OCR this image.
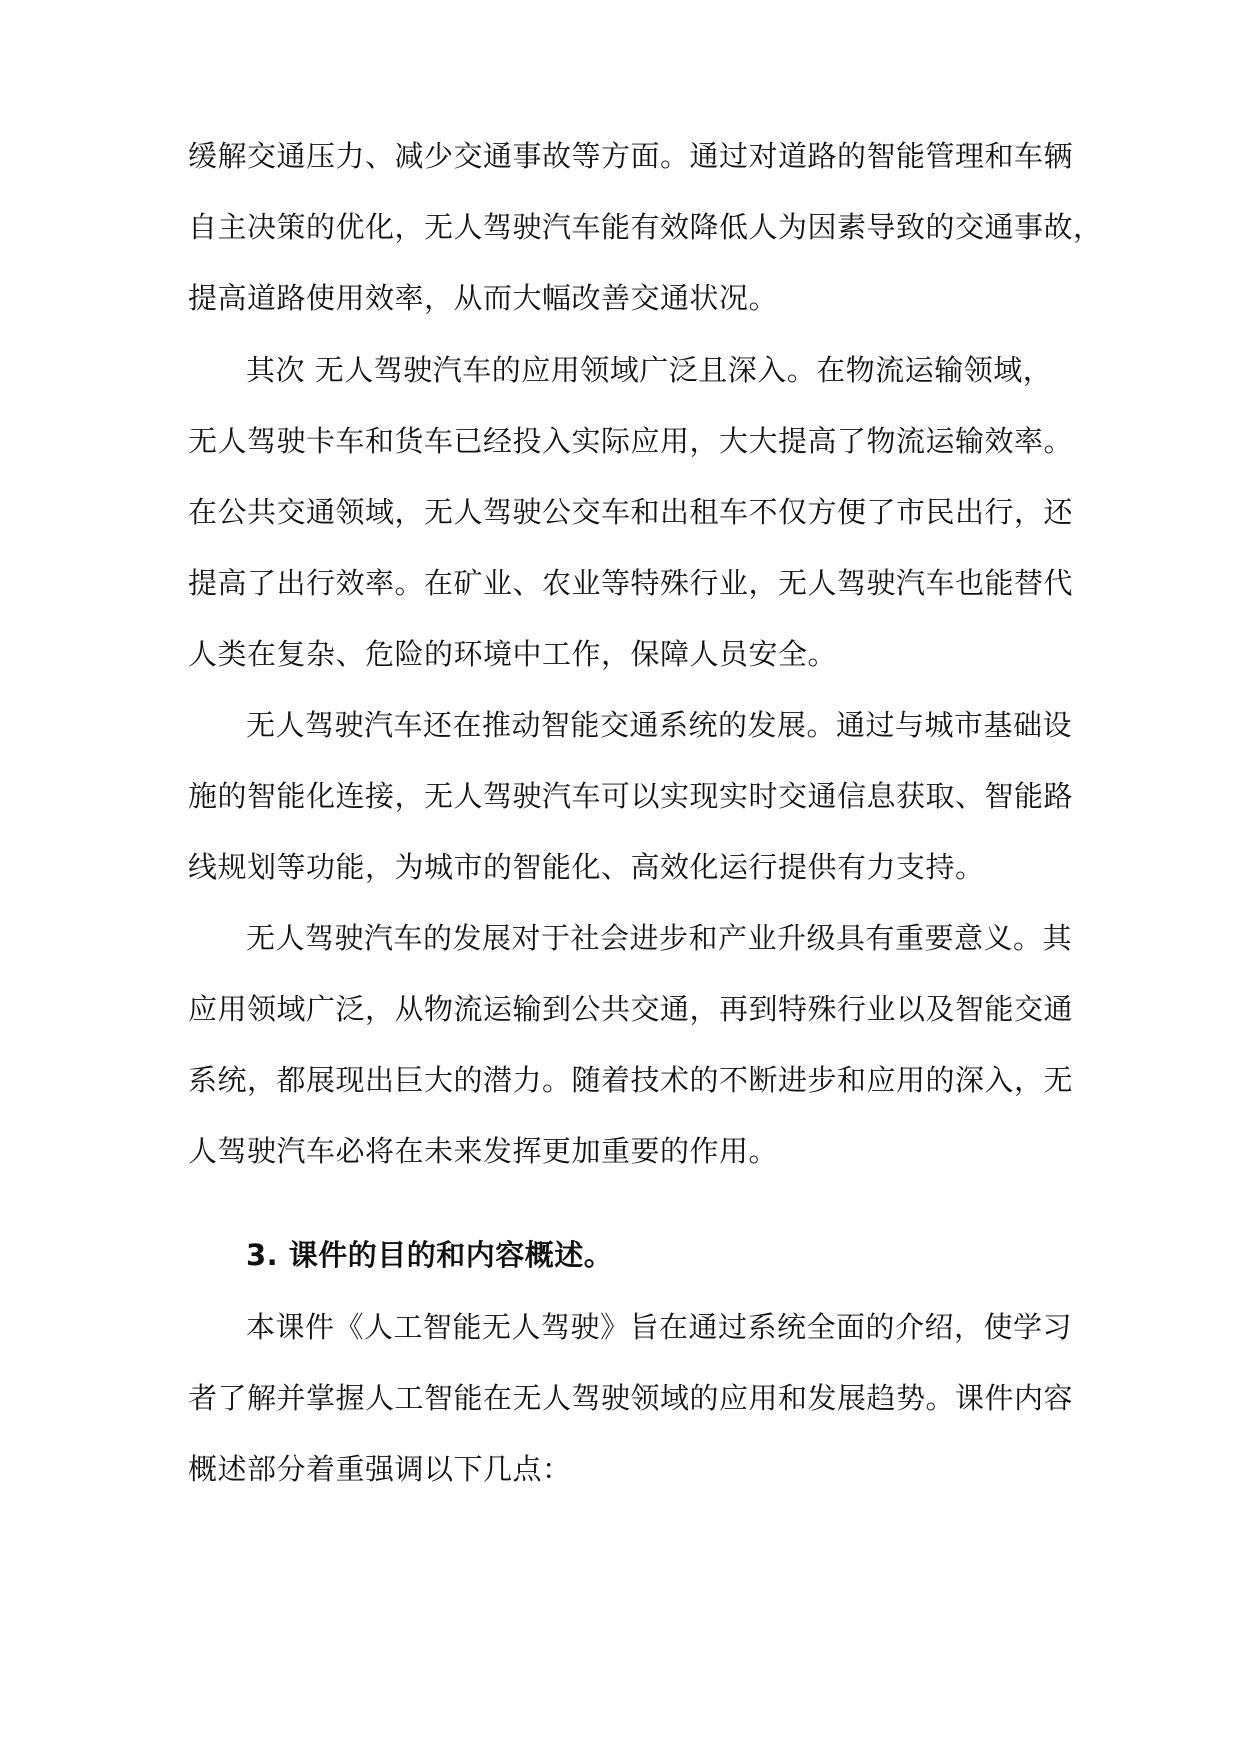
缓解交通压力、减少交通事故等方面。通过对道路的智能管理和车辆
自主决策的优化，无人驾驶汽车能有效降低人为因素导致的交通事故，
提高道路使用效率，从而大幅改善交通状况。
其次 无人驾驶汽车的应用领域广泛且深入。在物流运输领域，
无人驾驶卡车和货车已经投入实际应用，大大提高了物流运输效率。
在公共交通领域，无人驾驶公交车和出租车不仅方便了市民出行，还
提高了出行效率。在矿业、农业等特殊行业，无人驾驶汽车也能替代
人类在复杂、危险的环境中工作，保障人员安全。
无人驾驶汽车还在推动智能交通系统的发展。通过与城市基础设
施的智能化连接，无人驾驶汽车可以实现实时交通信息获取、智能路
线规划等功能，为城市的智能化、高效化运行提供有力支持。
无人驾驶汽车的发展对于社会进步和产业升级具有重要意义。其
应用领域广泛，从物流运输到公共交通，再到特殊行业以及智能交通
系统，都展现出巨大的潜力。随着技术的不断进步和应用的深入，无
人驾驶汽车必将在未来发挥更加重要的作用。
3. 课件的目的和内容概述。
本课件《人工智能无人驾驶》旨在通过系统全面的介绍，使学习
者了解并掌握人工智能在无人驾驶领域的应用和发展趋势。课件内容
概述部分着重强调以下几点：
